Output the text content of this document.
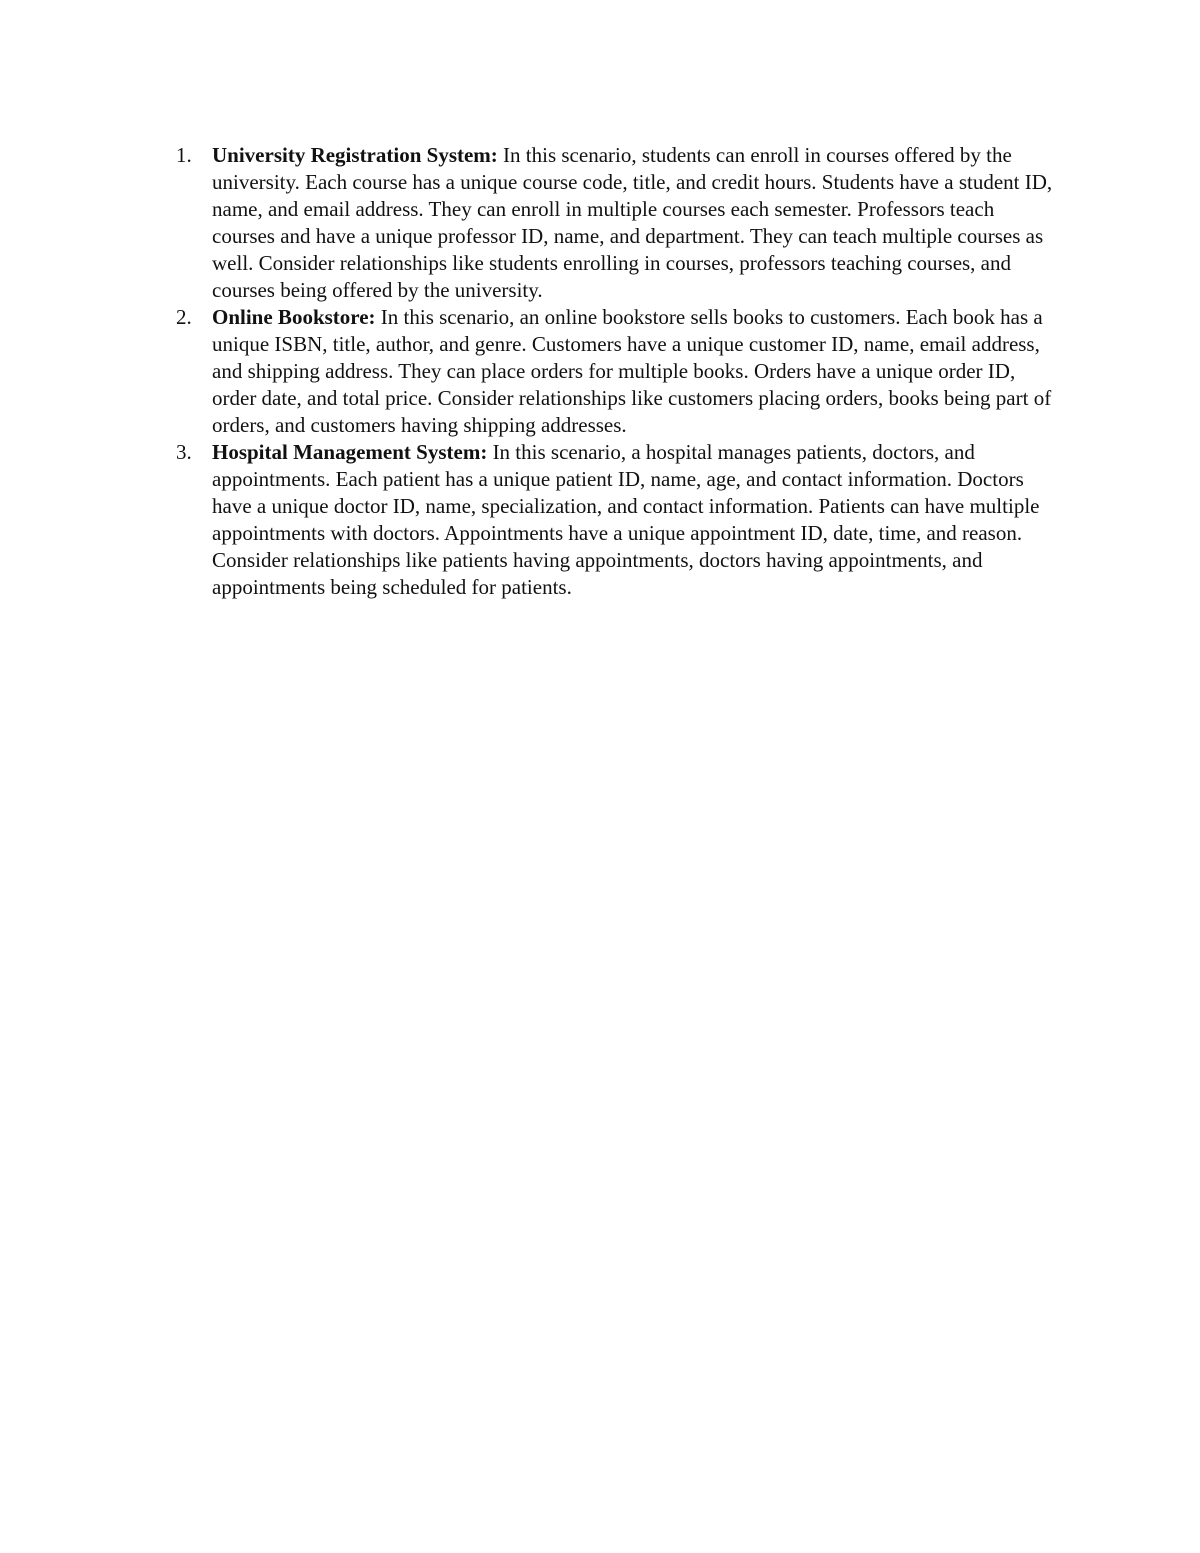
1. University Registration System: In this scenario, students can enroll in courses offered by the university. Each course has a unique course code, title, and credit hours. Students have a student ID, name, and email address. They can enroll in multiple courses each semester. Professors teach courses and have a unique professor ID, name, and department. They can teach multiple courses as well. Consider relationships like students enrolling in courses, professors teaching courses, and courses being offered by the university.
2. Online Bookstore: In this scenario, an online bookstore sells books to customers. Each book has a unique ISBN, title, author, and genre. Customers have a unique customer ID, name, email address, and shipping address. They can place orders for multiple books. Orders have a unique order ID, order date, and total price. Consider relationships like customers placing orders, books being part of orders, and customers having shipping addresses.
3. Hospital Management System: In this scenario, a hospital manages patients, doctors, and appointments. Each patient has a unique patient ID, name, age, and contact information. Doctors have a unique doctor ID, name, specialization, and contact information. Patients can have multiple appointments with doctors. Appointments have a unique appointment ID, date, time, and reason. Consider relationships like patients having appointments, doctors having appointments, and appointments being scheduled for patients.
